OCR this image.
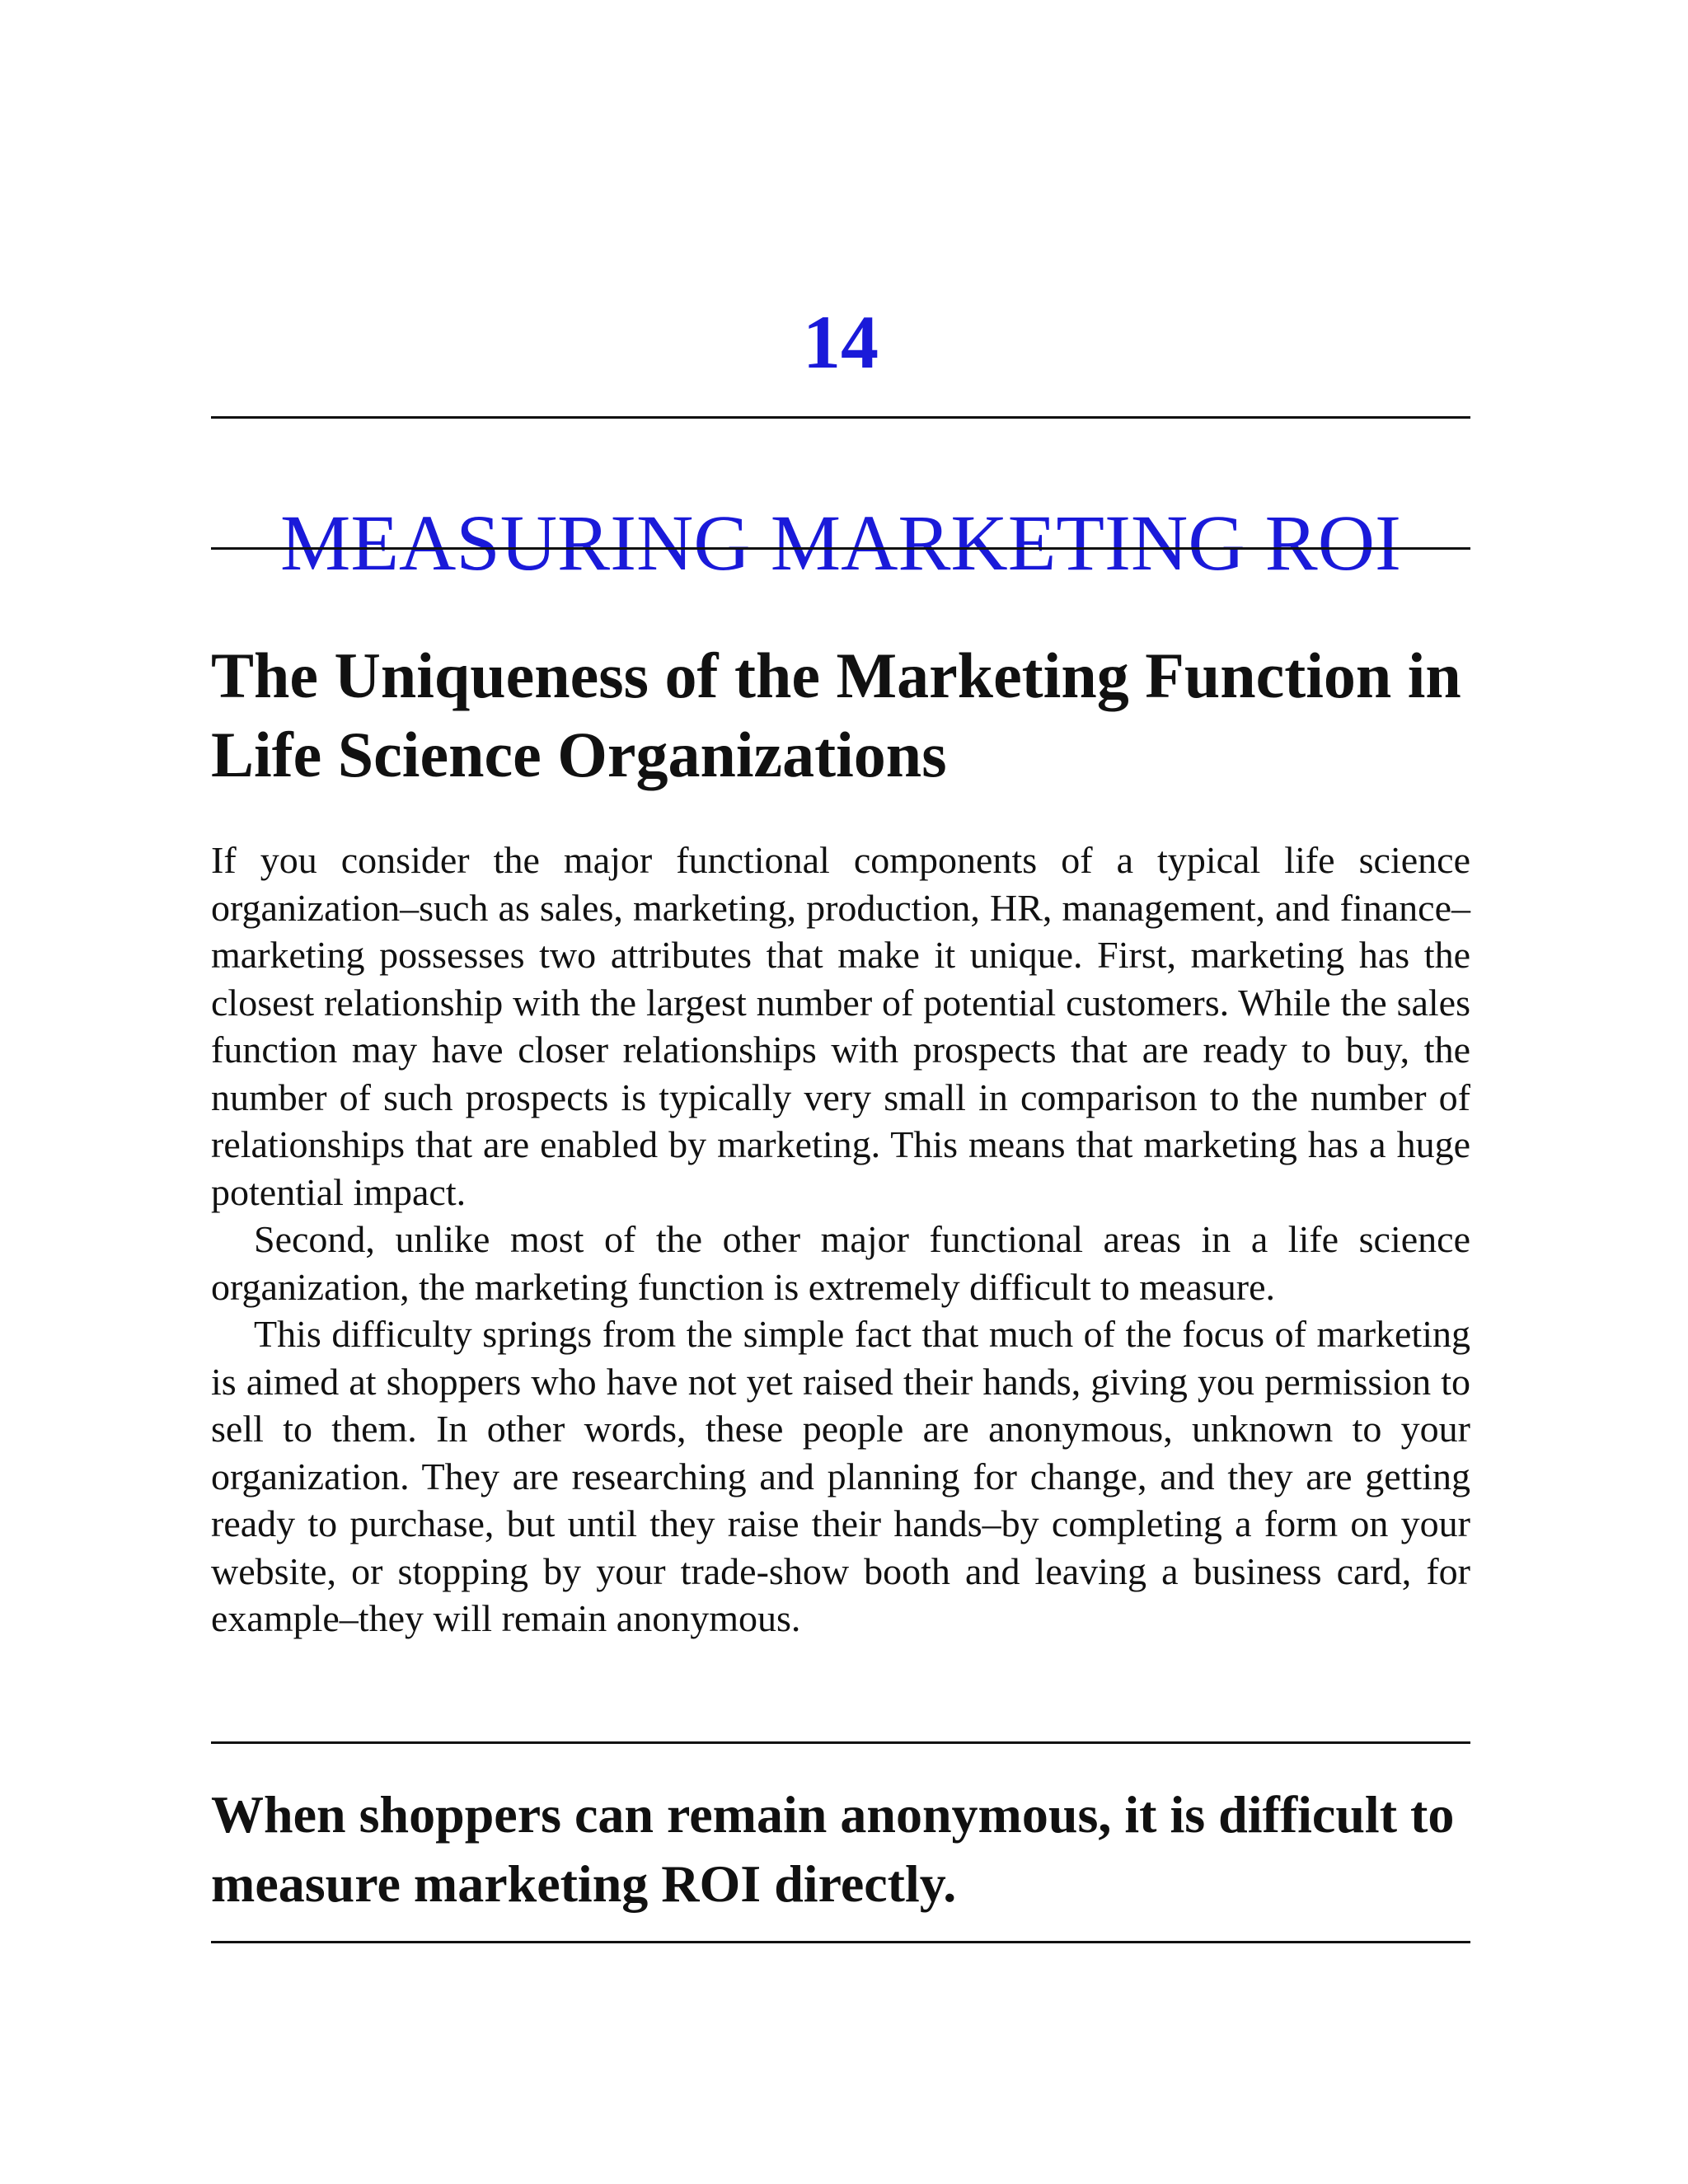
14
MEASURING MARKETING ROI
The Uniqueness of the Marketing Function in Life Science Organizations

If you consider the major functional components of a typical life science organization–such as sales, marketing, production, HR, management, and finance–marketing possesses two attributes that make it unique. First, marketing has the closest relationship with the largest number of potential customers. While the sales function may have closer relationships with prospects that are ready to buy, the number of such prospects is typically very small in comparison to the number of relationships that are enabled by marketing. This means that marketing has a huge potential impact.

Second, unlike most of the other major functional areas in a life science organization, the marketing function is extremely difficult to measure.

This difficulty springs from the simple fact that much of the focus of marketing is aimed at shoppers who have not yet raised their hands, giving you permission to sell to them. In other words, these people are anonymous, unknown to your organization. They are researching and planning for change, and they are getting ready to purchase, but until they raise their hands–by completing a form on your website, or stopping by your trade-show booth and leaving a business card, for example–they will remain anonymous.

When shoppers can remain anonymous, it is difficult to measure marketing ROI directly.
